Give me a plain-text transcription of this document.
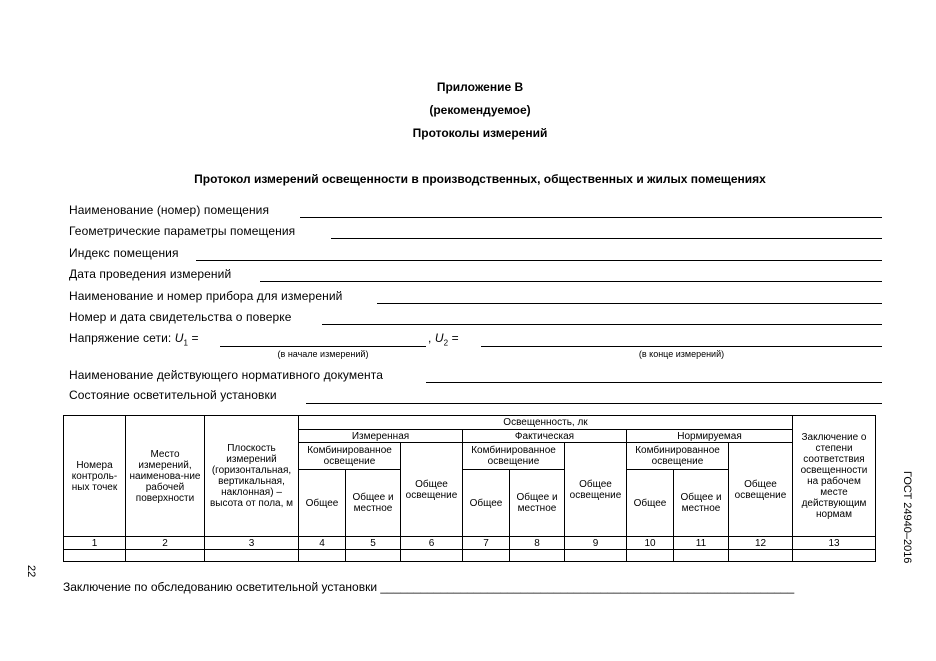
Приложение В
(рекомендуемое)
Протоколы измерений
Протокол измерений освещенности в производственных, общественных и жилых помещениях
Наименование (номер) помещения
Геометрические параметры помещения
Индекс помещения
Дата проведения измерений
Наименование и номер прибора для измерений
Номер и дата свидетельства о поверке
Напряжение сети: $U_1$ =	, $U_2$ =
(в начале измерений)	(в конце измерений)
Наименование действующего нормативного документа
Состояние осветительной установки
Номера контроль-ных точек	Место измерений, наименова-ние рабочей поверхности	Плоскость измерений (горизонтальная, вертикальная, наклонная) – высота от пола, м	Освещенность, лк									Заключение о степени соответствия освещенности на рабочем месте действующим нормам
			Измеренная			Фактическая			Нормируемая			
			Комбинированное освещение		Общее освещение	Комбинированное освещение		Общее освещение	Комбинированное освещение		Общее освещение	
			Общее	Общее и местное		Общее	Общее и местное		Общее	Общее и местное		
1	2	3	4	5	6	7	8	9	10	11	12	13

Заключение по обследованию осветительной установки ______________________________________________________________
22
ГОСТ 24940–2016
